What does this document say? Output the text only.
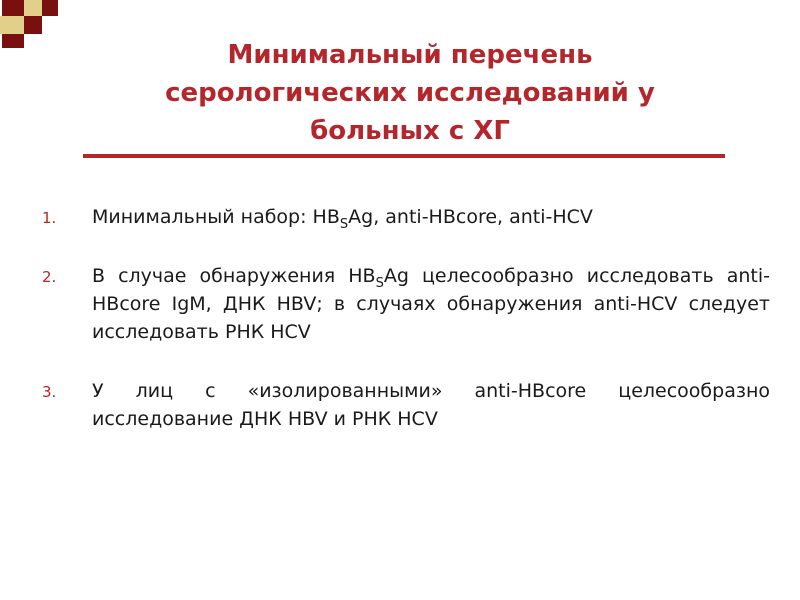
Минимальный перечень
серологических исследований у
больных с ХГ
1. Минимальный набор: $HB_SAg$, anti-HBcore, anti-HCV
2. В случае обнаружения $HB_SAg$ целесообразно исследовать anti-HBcore IgM, ДНК HBV; в случаях обнаружения anti-HCV следует исследовать РНК HCV
3. У лиц с «изолированными» anti-HBcore целесообразно исследование ДНК HBV и РНК HCV
